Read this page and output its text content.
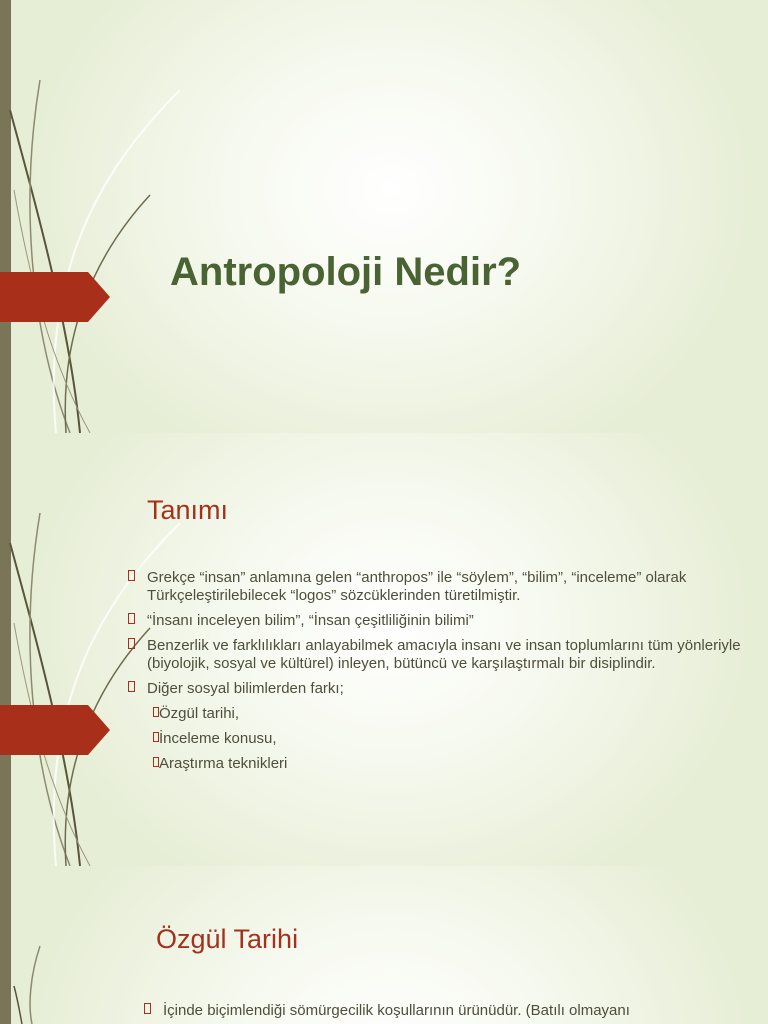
Antropoloji Nedir?
Tanımı
Grekçe “insan” anlamına gelen “anthropos” ile “söylem”, “bilim”, “inceleme” olarak Türkçeleştirilebilecek “logos” sözcüklerinden türetilmiştir.
“İnsanı inceleyen bilim”, “İnsan çeşitliliğinin bilimi”
Benzerlik ve farklılıkları anlayabilmek amacıyla insanı ve insan toplumlarını tüm yönleriyle (biyolojik, sosyal ve kültürel) inleyen, bütüncü ve karşılaştırmalı bir disiplindir.
Diğer sosyal bilimlerden farkı;
Özgül tarihi,
İnceleme konusu,
Araştırma teknikleri
Özgül Tarihi
İçinde biçimlendiği sömürgecilik koşullarının ürünüdür. (Batılı olmayanı
